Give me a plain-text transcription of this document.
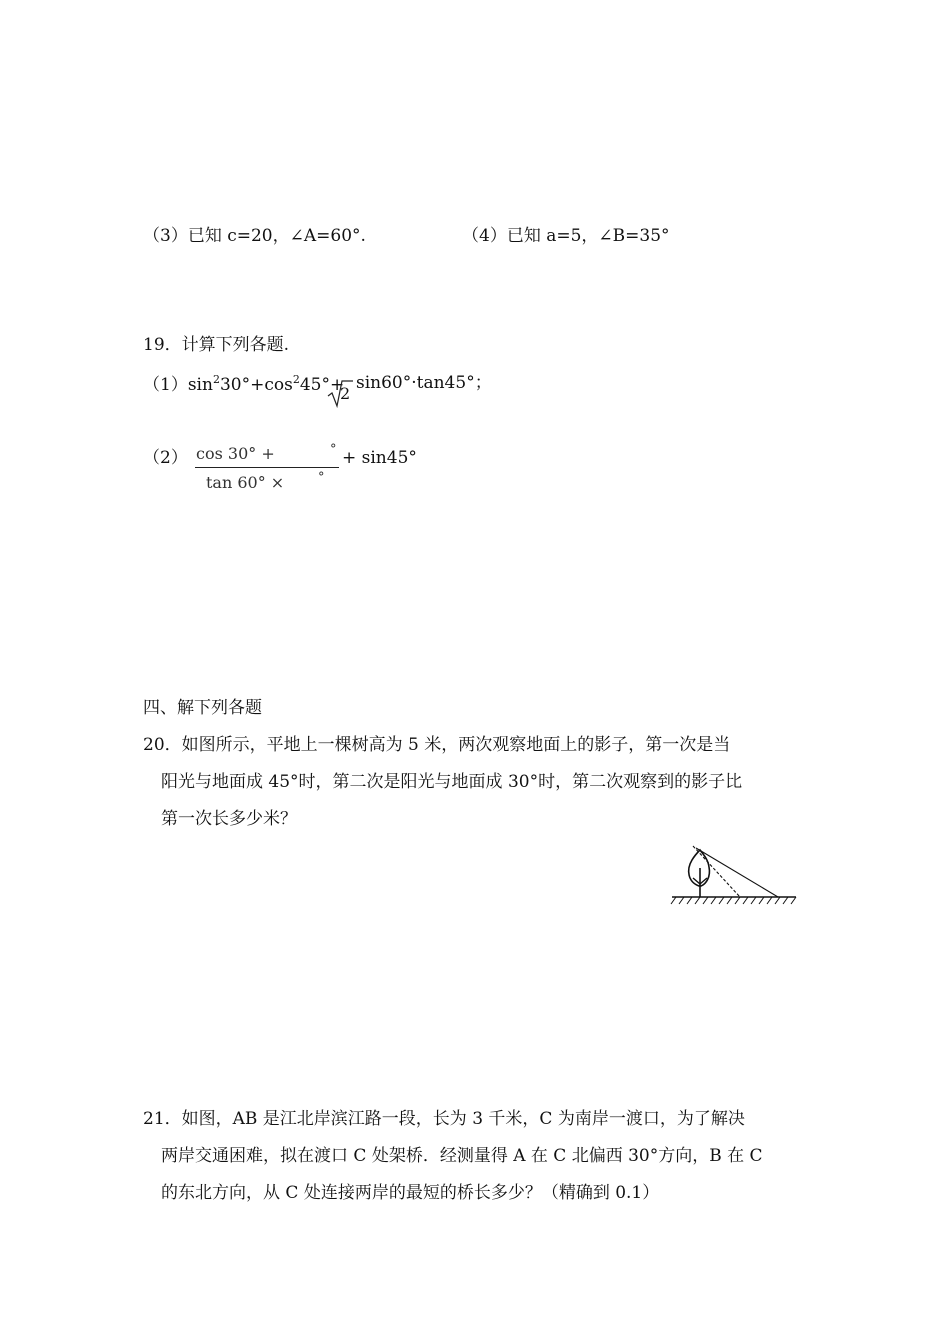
（3）已知 c=20，∠A=60°.	（4）已知 a=5，∠B=35°
19．计算下列各题.
$(1)\sin^230^\circ+\cos^245^\circ+$
2
sin60°·tan45°；
（2） cos 30° +	°
tan 60° ×	°
+ sin45°
四、解下列各题
20．如图所示，平地上一棵树高为 5 米，两次观察地面上的影子，第一次是当
阳光与地面成 45°时，第二次是阳光与地面成 30°时，第二次观察到的影子比
第一次长多少米？
21．如图，AB 是江北岸滨江路一段，长为 3 千米，C 为南岸一渡口，为了解决
两岸交通困难，拟在渡口 C 处架桥．经测量得 A 在 C 北偏西 30°方向，B 在 C
的东北方向，从 C 处连接两岸的最短的桥长多少？（精确到 0.1）
